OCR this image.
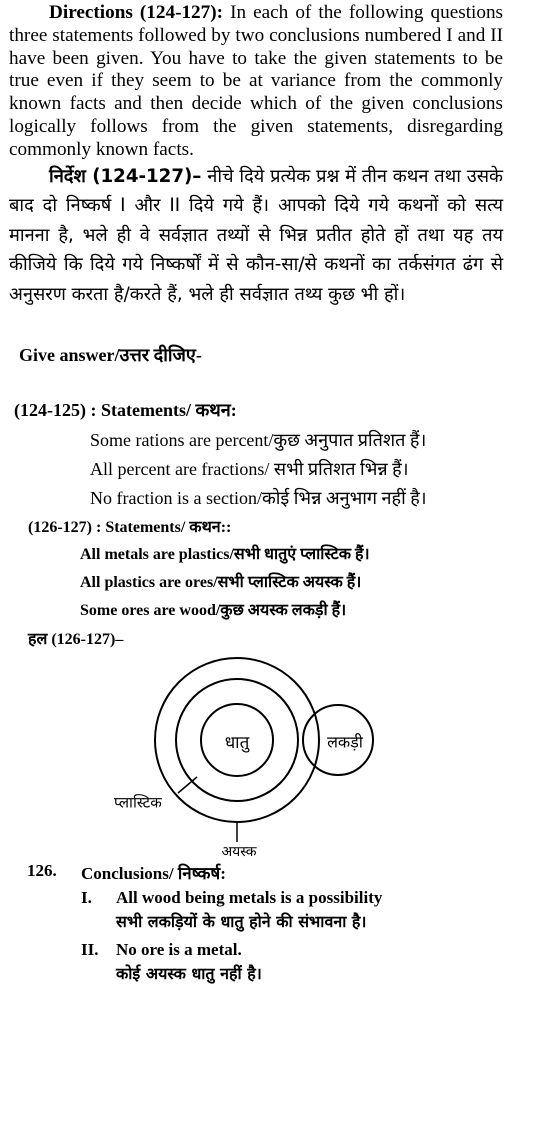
Directions (124-127): In each of the following questions three statements followed by two conclusions numbered I and II have been given. You have to take the given statements to be true even if they seem to be at variance from the commonly known facts and then decide which of the given conclusions logically follows from the given statements, disregarding commonly known facts.

निर्देश (124-127)– नीचे दिये प्रत्येक प्रश्न में तीन कथन तथा उसके बाद दो निष्कर्ष I और II दिये गये हैं। आपको दिये गये कथनों को सत्य मानना है, भले ही वे सर्वज्ञात तथ्यों से भिन्न प्रतीत होते हों तथा यह तय कीजिये कि दिये गये निष्कर्षों में से कौन-सा/से कथनों का तर्कसंगत ढंग से अनुसरण करता है/करते हैं, भले ही सर्वज्ञात तथ्य कुछ भी हों।

Give answer/उत्तर दीजिए-
(124-125) : Statements/ कथन:
Some rations are percent/कुछ अनुपात प्रतिशत हैं।
All percent are fractions/ सभी प्रतिशत भिन्न हैं।
No fraction is a section/कोई भिन्न अनुभाग नहीं है।
(126-127) : Statements/ कथन::
All metals are plastics/सभी धातुएं प्लास्टिक हैं।
All plastics are ores/सभी प्लास्टिक अयस्क हैं।
Some ores are wood/कुछ अयस्क लकड़ी हैं।
हल (126-127)–
धातु	लकड़ी
प्लास्टिक
अयस्क
126. Conclusions/ निष्कर्ष:
I. All wood being metals is a possibility
सभी लकड़ियों के धातु होने की संभावना है।
II. No ore is a metal.
कोई अयस्क धातु नहीं है।
